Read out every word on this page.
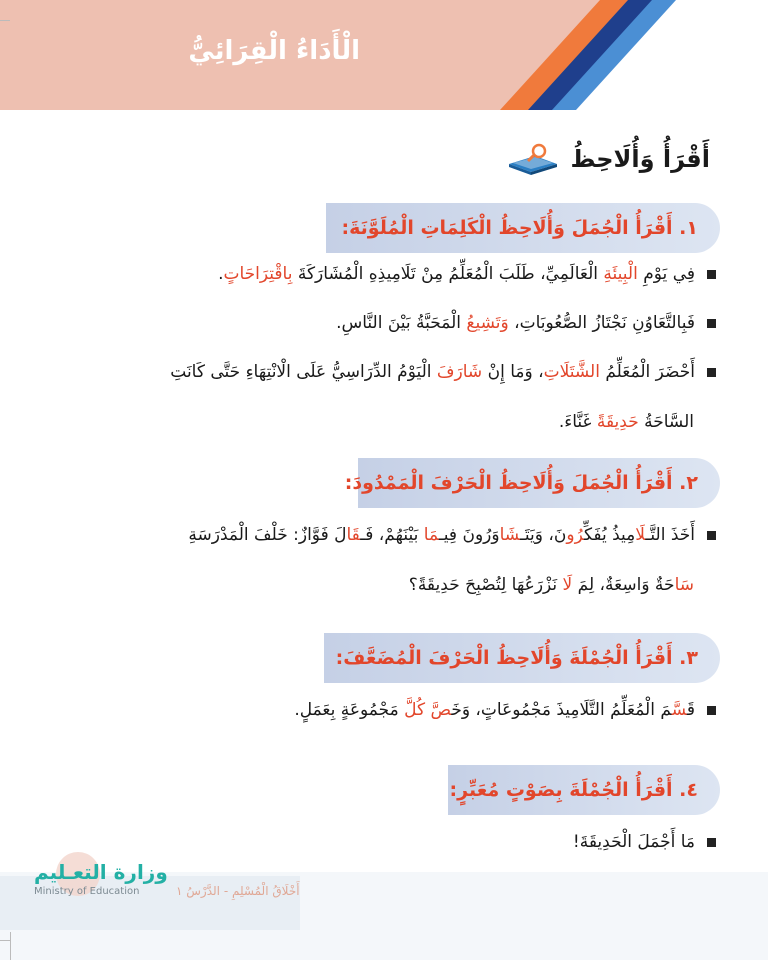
الْأَدَاءُ الْقِرَائِيُّ
أَقْرَأُ وَأُلَاحِظُ
١. أَقْرَأُ الْجُمَلَ وَأُلَاحِظُ الْكَلِمَاتِ الْمُلَوَّنَةَ:
فِي يَوْمِ الْبِيئَةِ الْعَالَمِيِّ، طَلَبَ الْمُعَلِّمُ مِنْ تَلَامِيذِهِ الْمُشَارَكَةَ بِاقْتِرَاحَاتٍ.
فَبِالتَّعَاوُنِ نَجْتَازُ الصُّعُوبَاتِ، وَتَشِيعُ الْمَحَبَّةُ بَيْنَ النَّاسِ.
أَحْضَرَ الْمُعَلِّمُ الشَّتَلَاتِ، وَمَا إِنْ شَارَفَ الْيَوْمُ الدِّرَاسِيُّ عَلَى الْانْتِهَاءِ حَتَّى كَانَتِ
السَّاحَةُ حَدِيقَةً غَنَّاءَ.
٢. أَقْرَأُ الْجُمَلَ وَأُلَاحِظُ الْحَرْفَ الْمَمْدُودَ:
أَخَذَ التَّـلَامِيذُ يُفَكِّرُونَ، وَيَتَـشَاوَرُونَ فِيـمَا بَيْنَهُمْ، فَـقَالَ فَوَّازٌ: خَلْفَ الْمَدْرَسَةِ
سَاحَةٌ وَاسِعَةٌ، لِمَ لَا نَزْرَعُهَا لِتُصْبِحَ حَدِيقَةً؟
٣. أَقْرَأُ الْجُمْلَةَ وَأُلَاحِظُ الْحَرْفَ الْمُضَعَّفَ:
قَسَّمَ الْمُعَلِّمُ التَّلَامِيذَ مَجْمُوعَاتٍ، وَخَصَّ كُلَّ مَجْمُوعَةٍ بِعَمَلٍ.
٤. أَقْرَأُ الْجُمْلَةَ بِصَوْتٍ مُعَبِّرٍ:
مَا أَجْمَلَ الْحَدِيقَةَ!
وزارة التعـليم
Ministry of Education	أَخْلَاقُ الْمُسْلِمِ - الدَّرْسُ ١
